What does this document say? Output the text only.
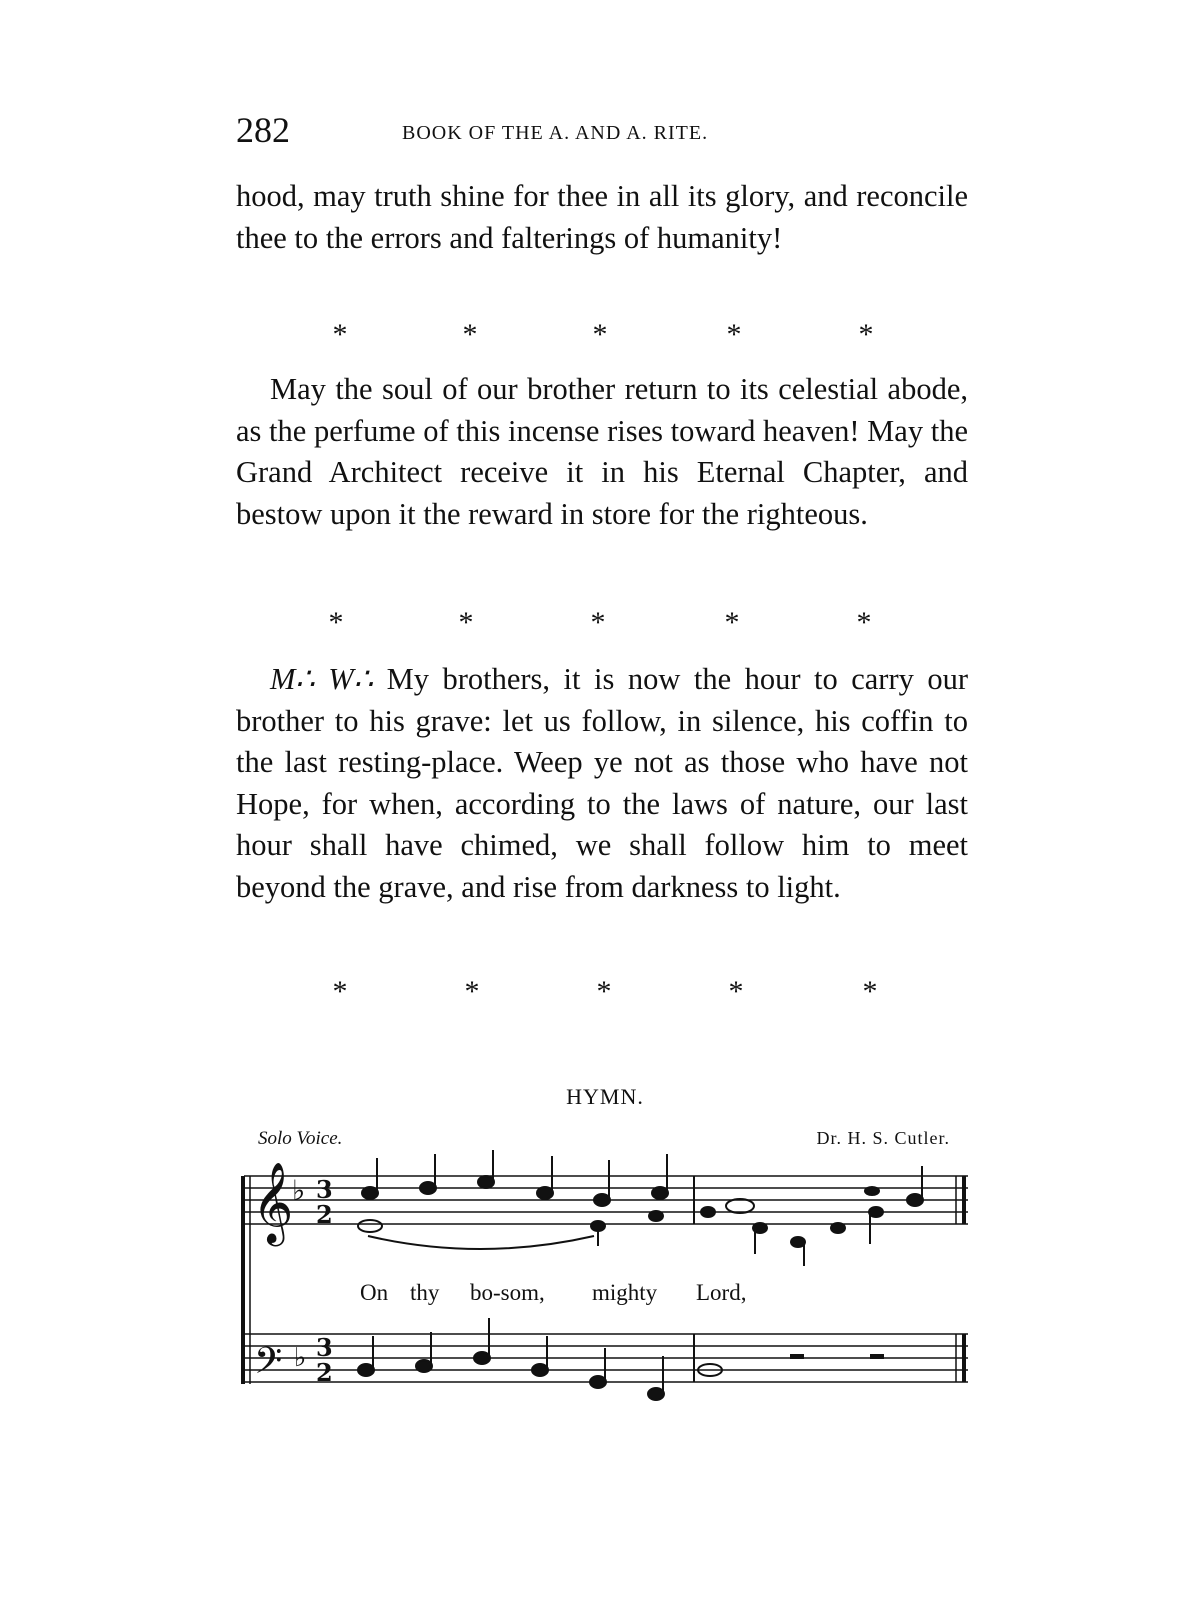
282	BOOK OF THE A. AND A. RITE.

hood, may truth shine for thee in all its glory, and reconcile thee to the errors and falterings of humanity!

*	*	*	*	*

May the soul of our brother return to its celestial abode, as the perfume of this incense rises toward heaven! May the Grand Architect receive it in his Eternal Chapter, and bestow upon it the reward in store for the righteous.

*	*	*	*	*

M∴ W∴ My brothers, it is now the hour to carry our brother to his grave: let us follow, in silence, his coffin to the last resting-place. Weep ye not as those who have not Hope, for when, according to the laws of nature, our last hour shall have chimed, we shall follow him to meet beyond the grave, and rise from darkness to light.

*	*	*	*	*
HYMN.
Solo Voice.	Dr. H. S. Cutler.
𝄞
𝄢
♭
♭
3
2
3
2
On thy bo-som, mighty Lord,
